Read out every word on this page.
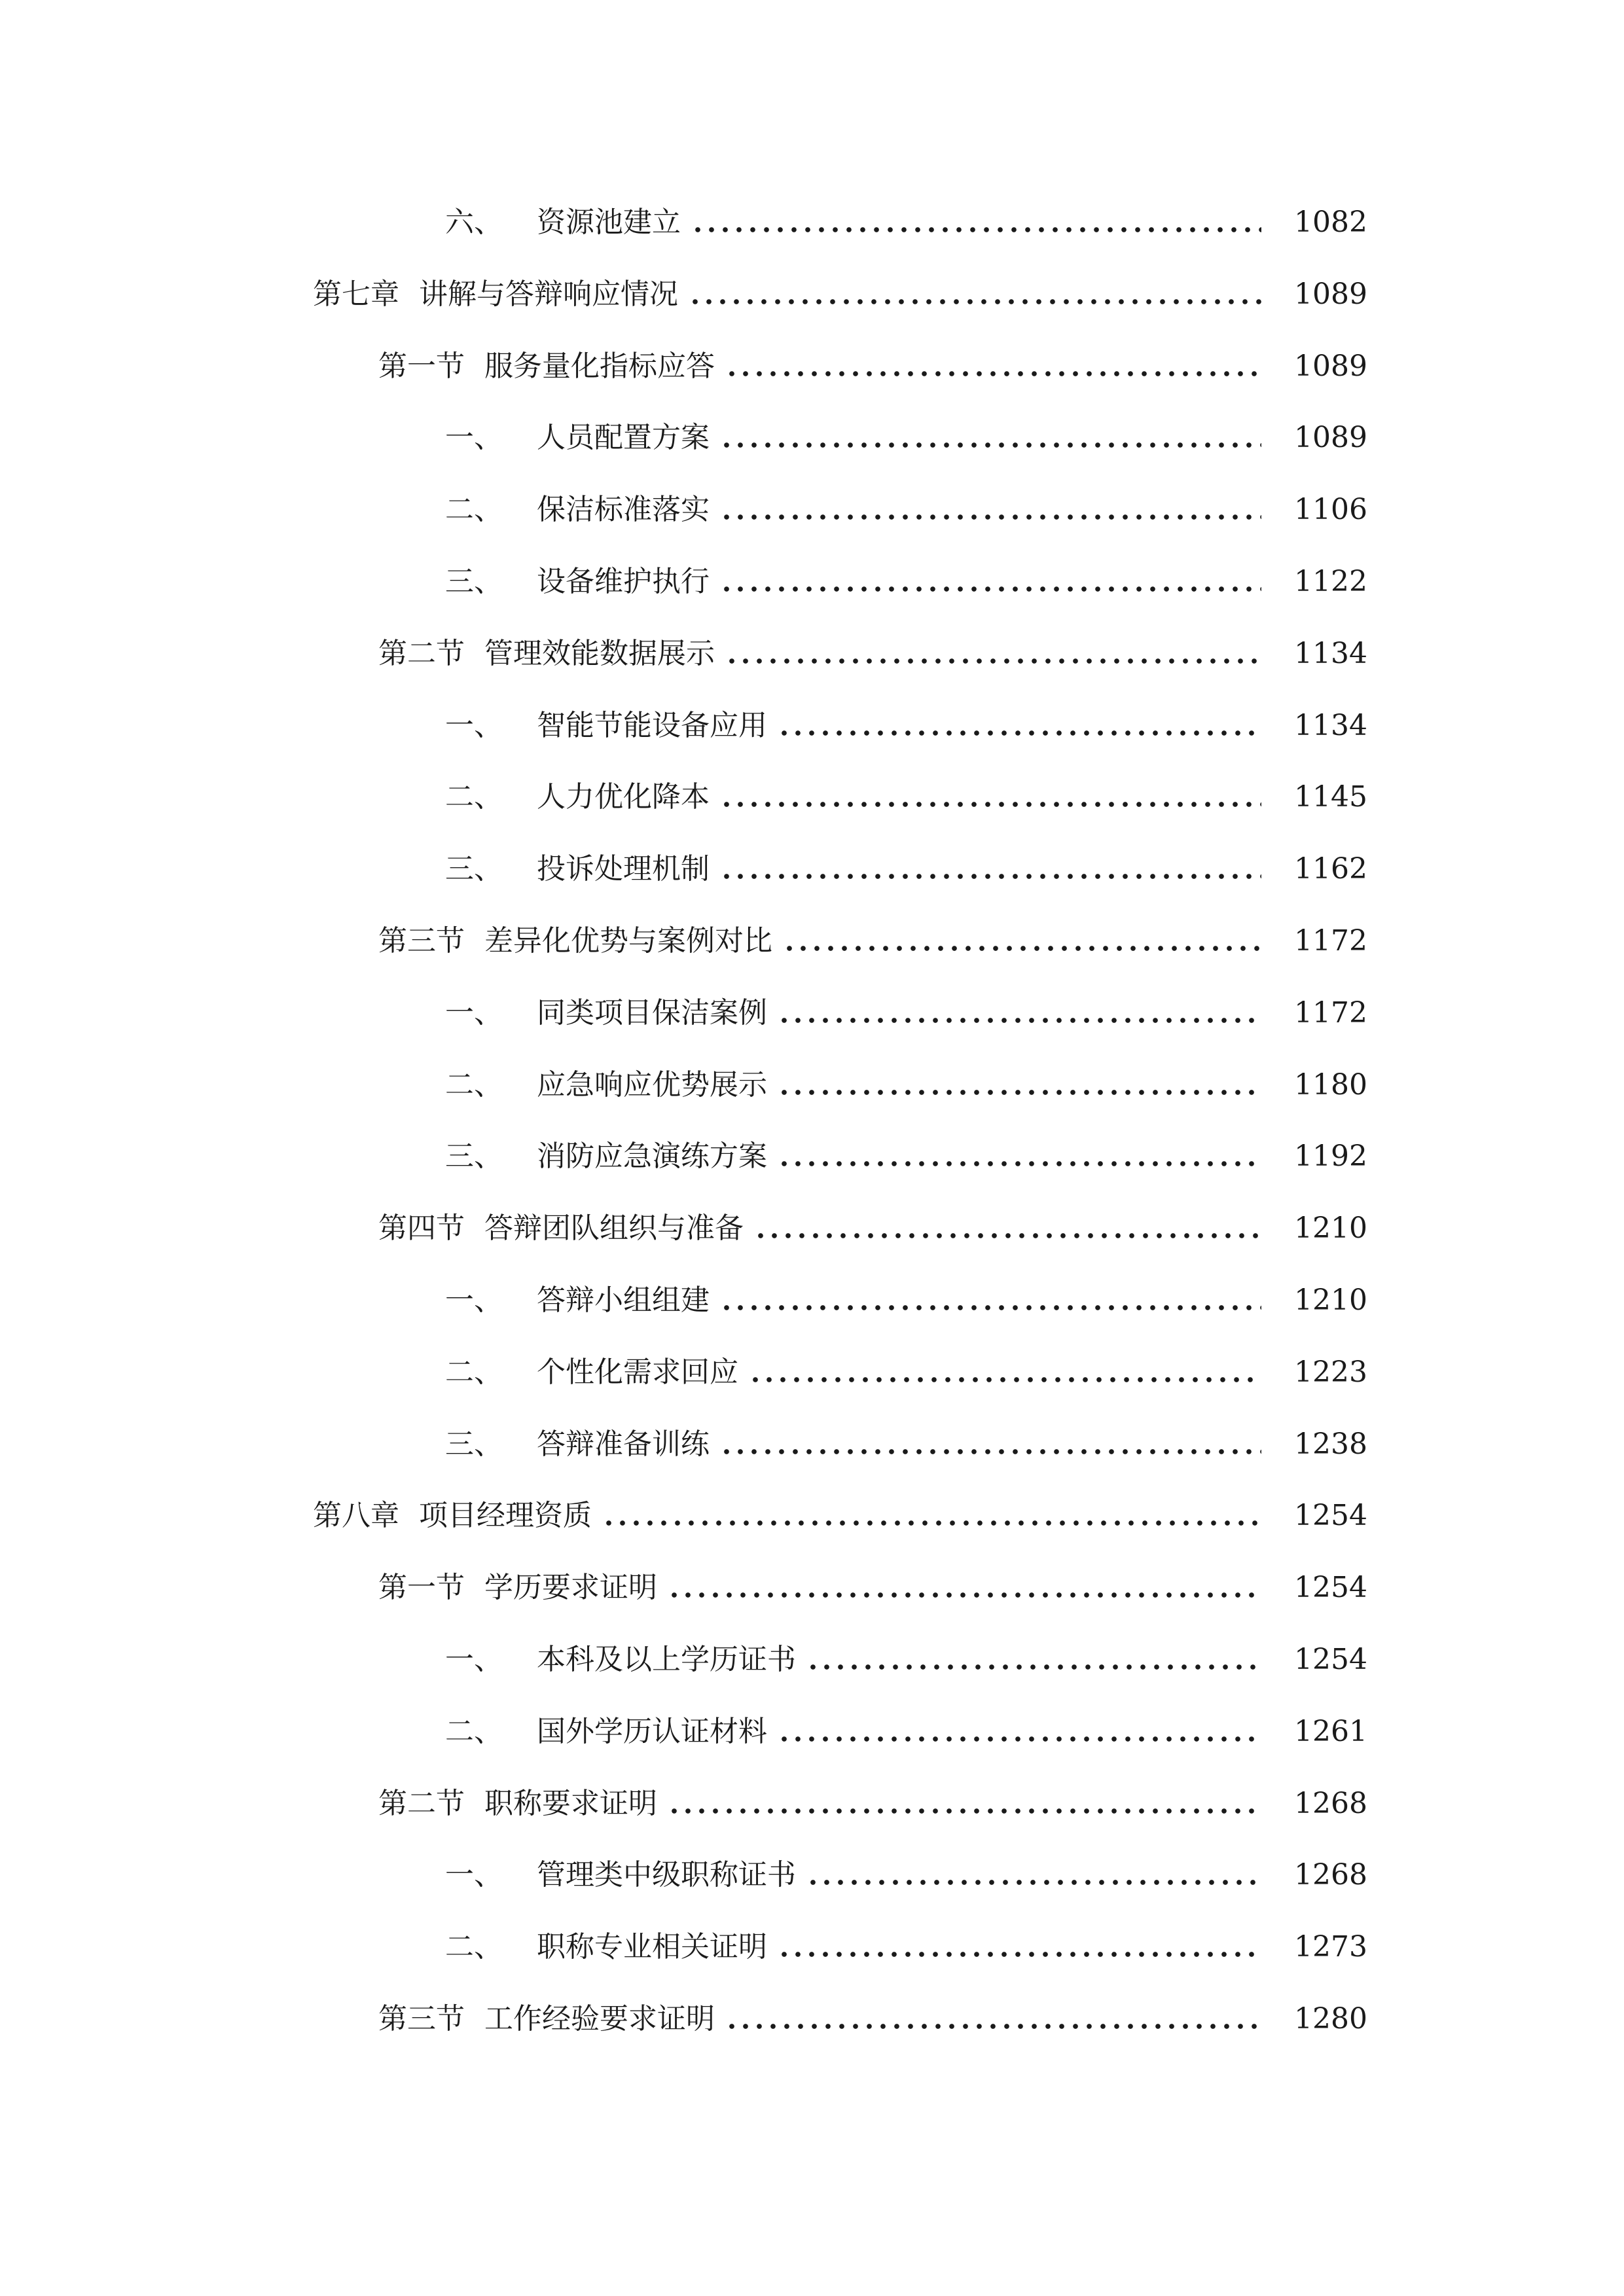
六、	资源池建立	1082
第七章 讲解与答辩响应情况	1089
第一节 服务量化指标应答	1089
一、	人员配置方案	1089
二、	保洁标准落实	1106
三、	设备维护执行	1122
第二节 管理效能数据展示	1134
一、	智能节能设备应用	1134
二、	人力优化降本	1145
三、	投诉处理机制	1162
第三节 差异化优势与案例对比	1172
一、	同类项目保洁案例	1172
二、	应急响应优势展示	1180
三、	消防应急演练方案	1192
第四节 答辩团队组织与准备	1210
一、	答辩小组组建	1210
二、	个性化需求回应	1223
三、	答辩准备训练	1238
第八章 项目经理资质	1254
第一节 学历要求证明	1254
一、	本科及以上学历证书	1254
二、	国外学历认证材料	1261
第二节 职称要求证明	1268
一、	管理类中级职称证书	1268
二、	职称专业相关证明	1273
第三节 工作经验要求证明	1280
